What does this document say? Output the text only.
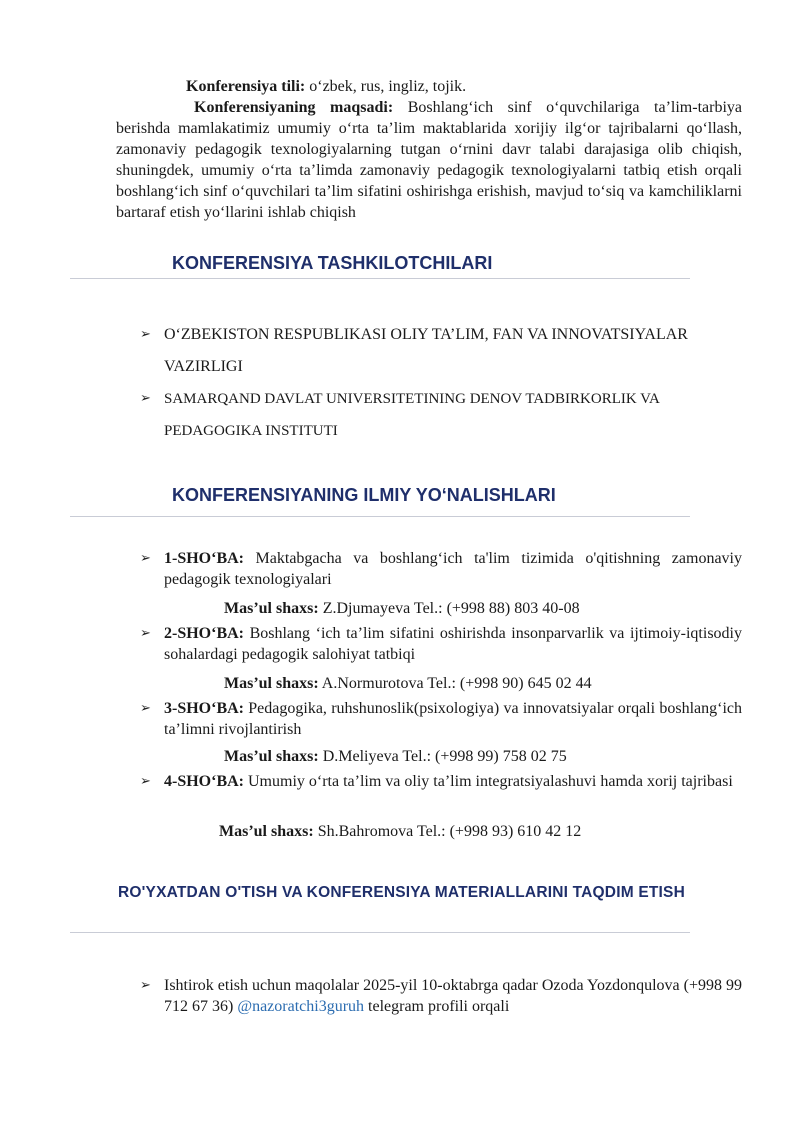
Konferensiya tili: o‘zbek, rus, ingliz, tojik.
Konferensiyaning maqsadi: Boshlang‘ich sinf o‘quvchilariga ta’lim-tarbiya berishda mamlakatimiz umumiy o‘rta ta’lim maktablarida xorijiy ilg‘or tajribalarni qo‘llash, zamonaviy pedagogik texnologiyalarning tutgan o‘rnini davr talabi darajasiga olib chiqish, shuningdek, umumiy o‘rta ta’limda zamonaviy pedagogik texnologiyalarni tatbiq etish orqali boshlang‘ich sinf o‘quvchilari ta’lim sifatini oshirishga erishish, mavjud to‘siq va kamchiliklarni bartaraf etish yo‘llarini ishlab chiqish
KONFERENSIYA TASHKILOTCHILARI
➢ O‘ZBEKISTON RESPUBLIKASI OLIY TA’LIM, FAN VA INNOVATSIYALAR VAZIRLIGI
➢ SAMARQAND DAVLAT UNIVERSITETINING DENOV TADBIRKORLIK VA PEDAGOGIKA INSTITUTI
KONFERENSIYANING ILMIY YO‘NALISHLARI
➢ 1-SHO‘BA: Maktabgacha va boshlang‘ich ta'lim tizimida o'qitishning zamonaviy pedagogik texnologiyalari
Mas’ul shaxs: Z.Djumayeva Tel.: (+998 88) 803 40-08
➢ 2-SHO‘BA: Boshlang ‘ich ta’lim sifatini oshirishda insonparvarlik va ijtimoiy-iqtisodiy sohalardagi pedagogik salohiyat tatbiqi
Mas’ul shaxs: A.Normurotova Tel.: (+998 90) 645 02 44
➢ 3-SHO‘BA: Pedagogika, ruhshunoslik(psixologiya) va innovatsiyalar orqali boshlang‘ich ta’limni rivojlantirish
Mas’ul shaxs: D.Meliyeva Tel.: (+998 99) 758 02 75
➢ 4-SHO‘BA: Umumiy o‘rta ta’lim va oliy ta’lim integratsiyalashuvi hamda xorij tajribasi
Mas’ul shaxs: Sh.Bahromova Tel.: (+998 93) 610 42 12
RO'YXATDAN O'TISH VA KONFERENSIYA MATERIALLARINI TAQDIM ETISH
➢ Ishtirok etish uchun maqolalar 2025-yil 10-oktabrga qadar Ozoda Yozdonqulova (+998 99 712 67 36) @nazoratchi3guruh telegram profili orqali
